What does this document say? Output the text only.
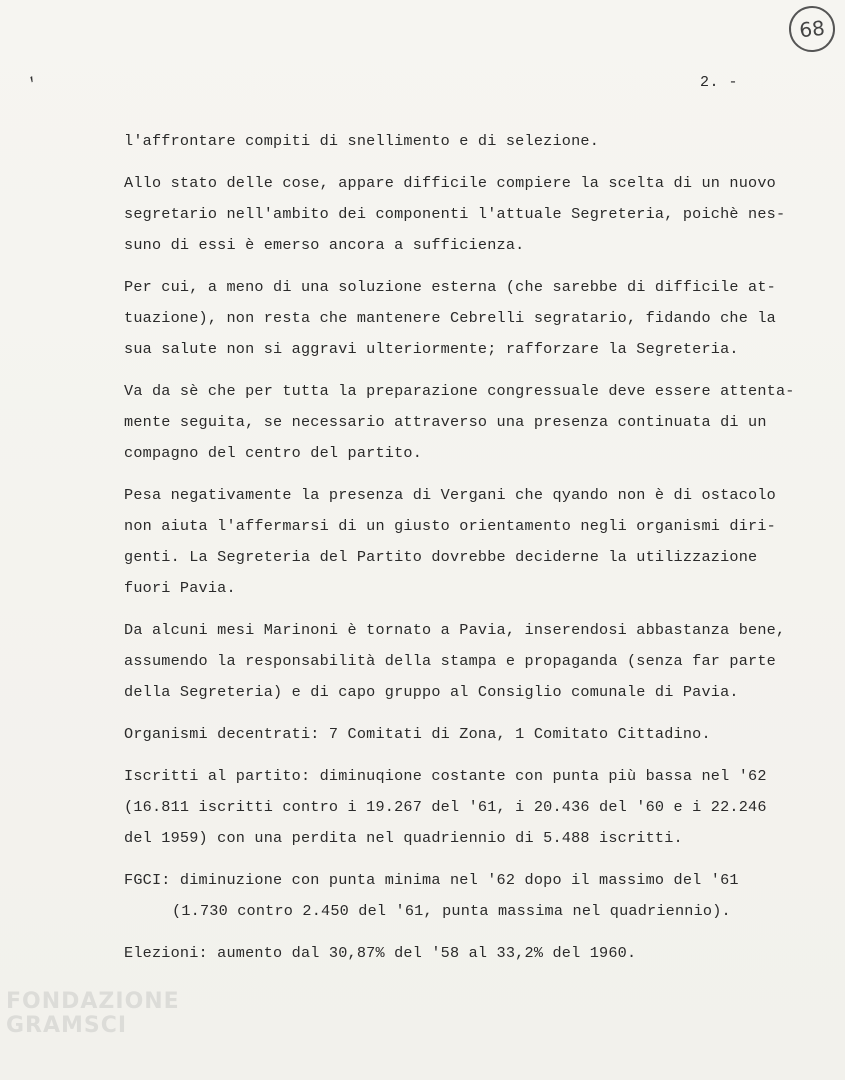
,
68
2. -
l'affrontare compiti di snellimento e di selezione.
Allo stato delle cose, appare difficile compiere la scelta di un nuovo
segretario nell'ambito dei componenti l'attuale Segreteria, poichè nes-
suno di essi è emerso ancora a sufficienza.
Per cui, a meno di una soluzione esterna (che sarebbe di difficile at-
tuazione), non resta che mantenere Cebrelli segratario, fidando che la
sua salute non si aggravi ulteriormente; rafforzare la Segreteria.
Va da sè che per tutta la preparazione congressuale deve essere attenta-
mente seguita, se necessario attraverso una presenza continuata di un
compagno del centro del partito.
Pesa negativamente la presenza di Vergani che qyando non è di ostacolo
non aiuta l'affermarsi di un giusto orientamento negli organismi diri-
genti. La Segreteria del Partito dovrebbe deciderne la utilizzazione
fuori Pavia.
Da alcuni mesi Marinoni è tornato a Pavia, inserendosi abbastanza bene,
assumendo la responsabilità della stampa e propaganda (senza far parte
della Segreteria) e di capo gruppo al Consiglio comunale di Pavia.
Organismi decentrati: 7 Comitati di Zona, 1 Comitato Cittadino.
Iscritti al partito: diminuqione costante con punta più bassa nel '62
(16.811 iscritti contro i 19.267 del '61, i 20.436 del '60 e i 22.246
del 1959) con una perdita nel quadriennio di 5.488 iscritti.
FGCI: diminuzione con punta minima nel '62 dopo il massimo del '61
(1.730 contro 2.450 del '61, punta massima nel quadriennio).
Elezioni: aumento dal 30,87% del '58 al 33,2% del 1960.
FONDAZIONE
GRAMSCI
